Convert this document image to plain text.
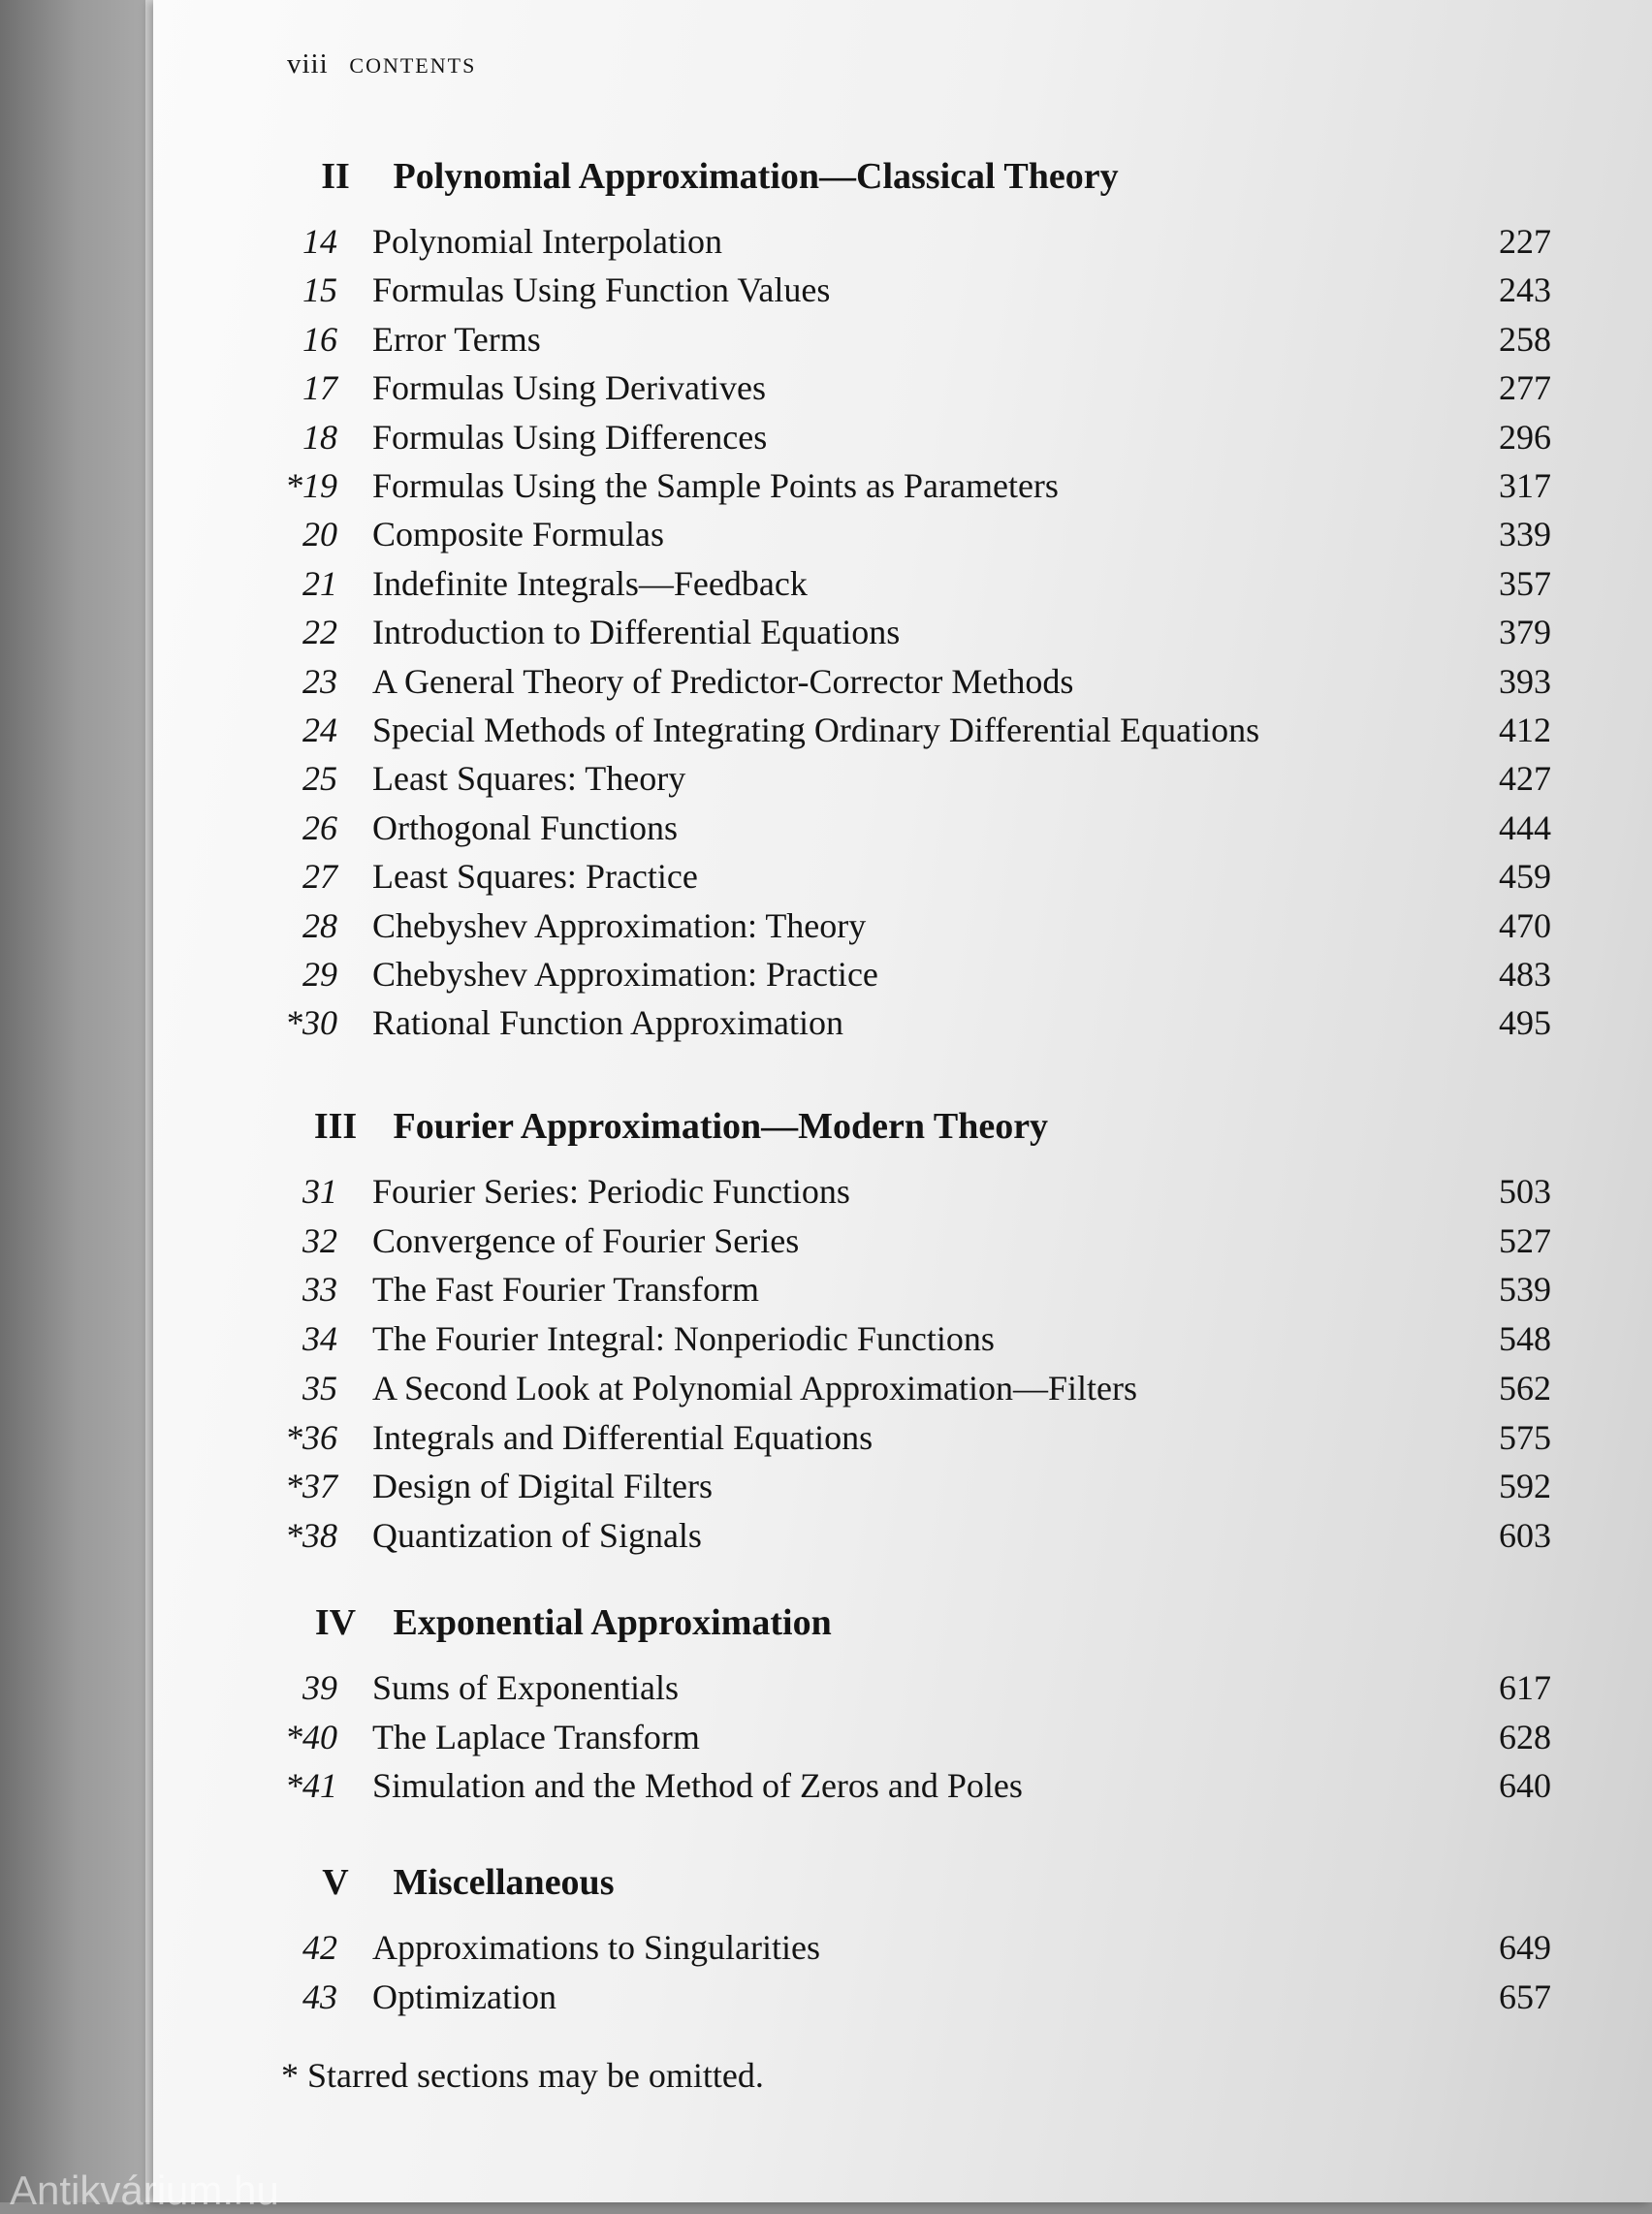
viii CONTENTS
II Polynomial Approximation—Classical Theory
14 Polynomial Interpolation	227
15 Formulas Using Function Values	243
16 Error Terms	258
17 Formulas Using Derivatives	277
18 Formulas Using Differences	296
*19 Formulas Using the Sample Points as Parameters	317
20 Composite Formulas	339
21 Indefinite Integrals—Feedback	357
22 Introduction to Differential Equations	379
23 A General Theory of Predictor-Corrector Methods	393
24 Special Methods of Integrating Ordinary Differential Equations	412
25 Least Squares: Theory	427
26 Orthogonal Functions	444
27 Least Squares: Practice	459
28 Chebyshev Approximation: Theory	470
29 Chebyshev Approximation: Practice	483
*30 Rational Function Approximation	495
III Fourier Approximation—Modern Theory
31 Fourier Series: Periodic Functions	503
32 Convergence of Fourier Series	527
33 The Fast Fourier Transform	539
34 The Fourier Integral: Nonperiodic Functions	548
35 A Second Look at Polynomial Approximation—Filters	562
*36 Integrals and Differential Equations	575
*37 Design of Digital Filters	592
*38 Quantization of Signals	603
IV Exponential Approximation
39 Sums of Exponentials	617
*40 The Laplace Transform	628
*41 Simulation and the Method of Zeros and Poles	640
V Miscellaneous
42 Approximations to Singularities	649
43 Optimization	657
* Starred sections may be omitted.
Antikvárium.hu
